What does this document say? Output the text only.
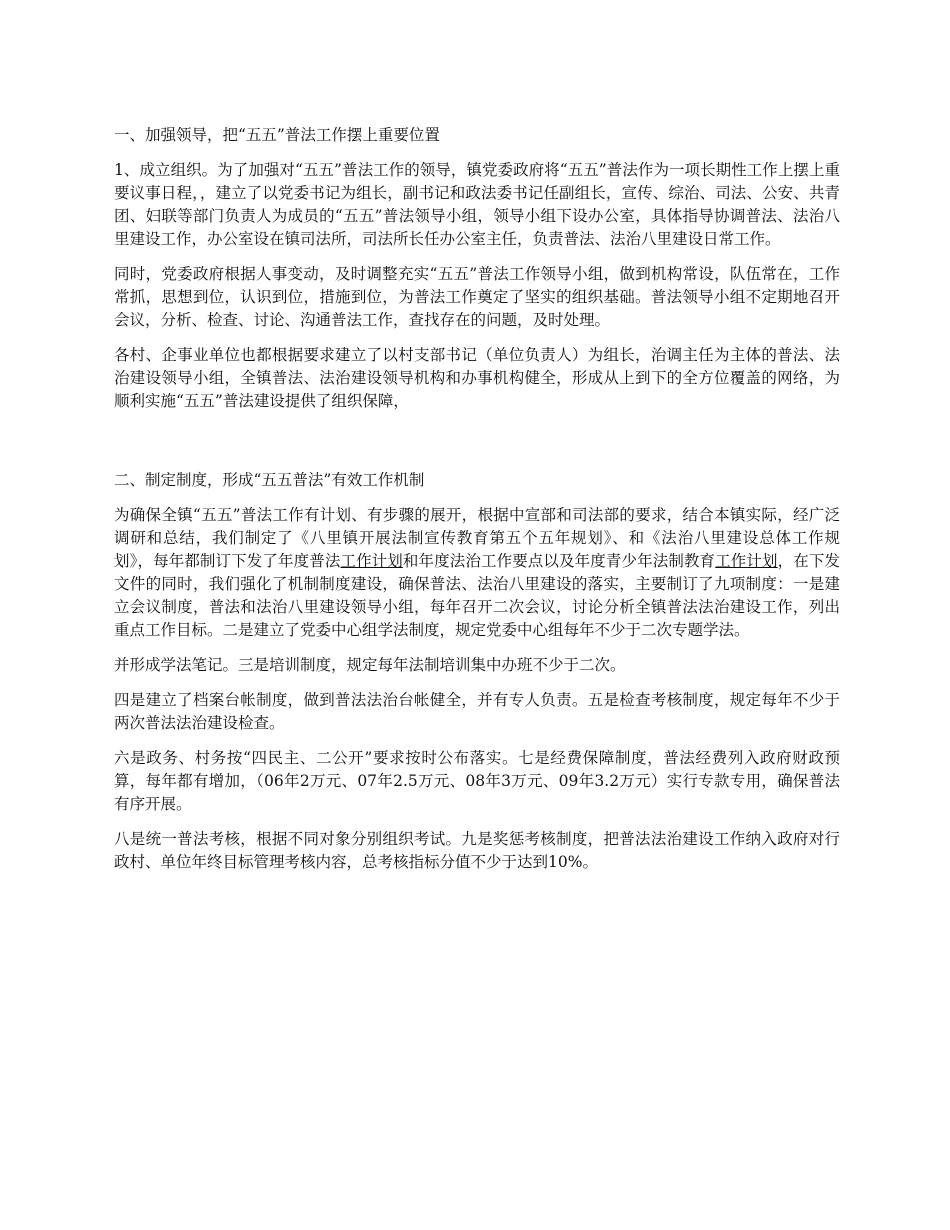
一、加强领导，把“五五”普法工作摆上重要位置

1、成立组织。为了加强对“五五”普法工作的领导，镇党委政府将“五五”普法作为一项长期性工作上摆上重要议事日程，，建立了以党委书记为组长，副书记和政法委书记任副组长，宣传、综治、司法、公安、共青团、妇联等部门负责人为成员的“五五”普法领导小组，领导小组下设办公室，具体指导协调普法、法治八里建设工作，办公室设在镇司法所，司法所长任办公室主任，负责普法、法治八里建设日常工作。

同时，党委政府根据人事变动，及时调整充实“五五”普法工作领导小组，做到机构常设，队伍常在，工作常抓，思想到位，认识到位，措施到位，为普法工作奠定了坚实的组织基础。普法领导小组不定期地召开会议，分析、检查、讨论、沟通普法工作，查找存在的问题，及时处理。

各村、企事业单位也都根据要求建立了以村支部书记（单位负责人）为组长，治调主任为主体的普法、法治建设领导小组，全镇普法、法治建设领导机构和办事机构健全，形成从上到下的全方位覆盖的网络，为顺利实施“五五”普法建设提供了组织保障，

二、制定制度，形成“五五普法”有效工作机制

为确保全镇“五五”普法工作有计划、有步骤的展开，根据中宣部和司法部的要求，结合本镇实际，经广泛调研和总结，我们制定了《八里镇开展法制宣传教育第五个五年规划》、和《法治八里建设总体工作规划》，每年都制订下发了年度普法工作计划和年度法治工作要点以及年度青少年法制教育工作计划，在下发文件的同时，我们强化了机制制度建设，确保普法、法治八里建设的落实，主要制订了九项制度：一是建立会议制度，普法和法治八里建设领导小组，每年召开二次会议，讨论分析全镇普法法治建设工作，列出重点工作目标。二是建立了党委中心组学法制度，规定党委中心组每年不少于二次专题学法。

并形成学法笔记。三是培训制度，规定每年法制培训集中办班不少于二次。

四是建立了档案台帐制度，做到普法法治台帐健全，并有专人负责。五是检查考核制度，规定每年不少于两次普法法治建设检查。

六是政务、村务按“四民主、二公开”要求按时公布落实。七是经费保障制度，普法经费列入政府财政预算，每年都有增加，（06年2万元、07年2.5万元、08年3万元、09年3.2万元）实行专款专用，确保普法有序开展。

八是统一普法考核，根据不同对象分别组织考试。九是奖惩考核制度，把普法法治建设工作纳入政府对行政村、单位年终目标管理考核内容，总考核指标分值不少于达到10%。
